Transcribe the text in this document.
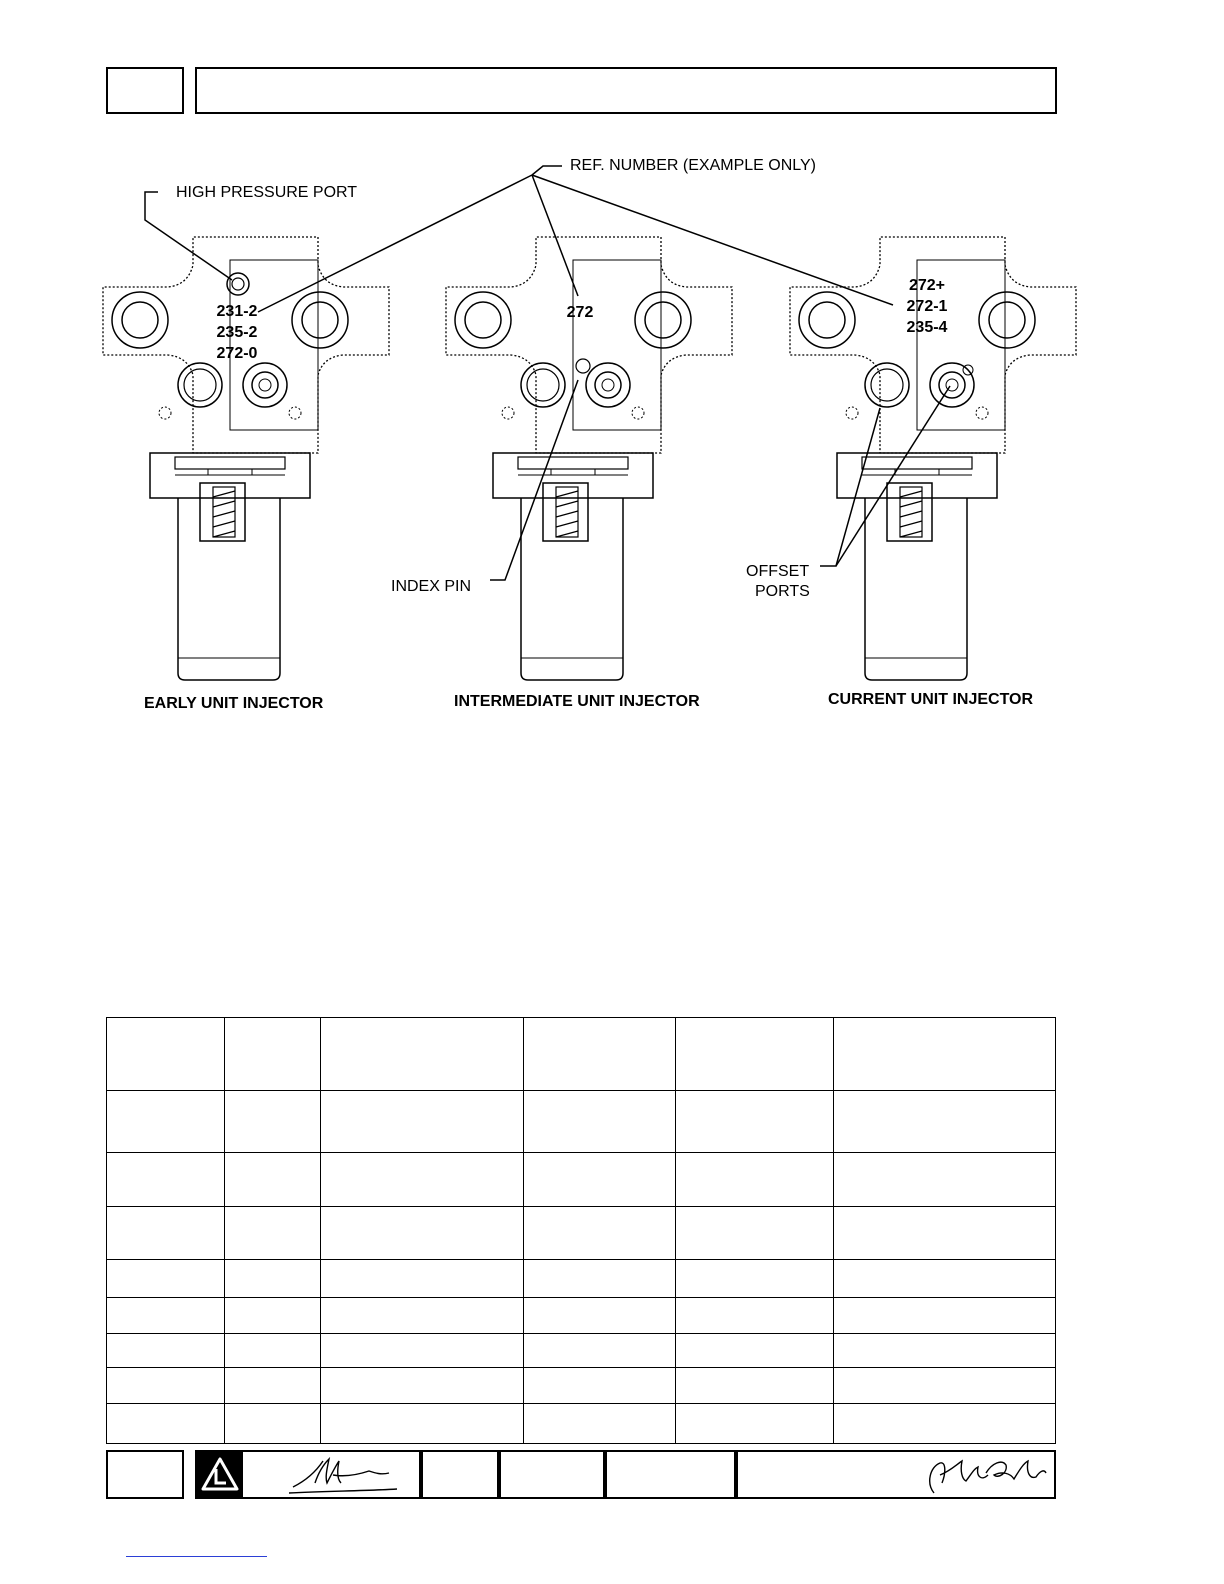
HIGH PRESSURE PORT
REF. NUMBER (EXAMPLE ONLY)
INDEX PIN
OFFSET
PORTS
231-2
235-2
272-0
272
272+
272-1
235-4
EARLY UNIT INJECTOR	INTERMEDIATE UNIT INJECTOR	CURRENT UNIT INJECTOR
